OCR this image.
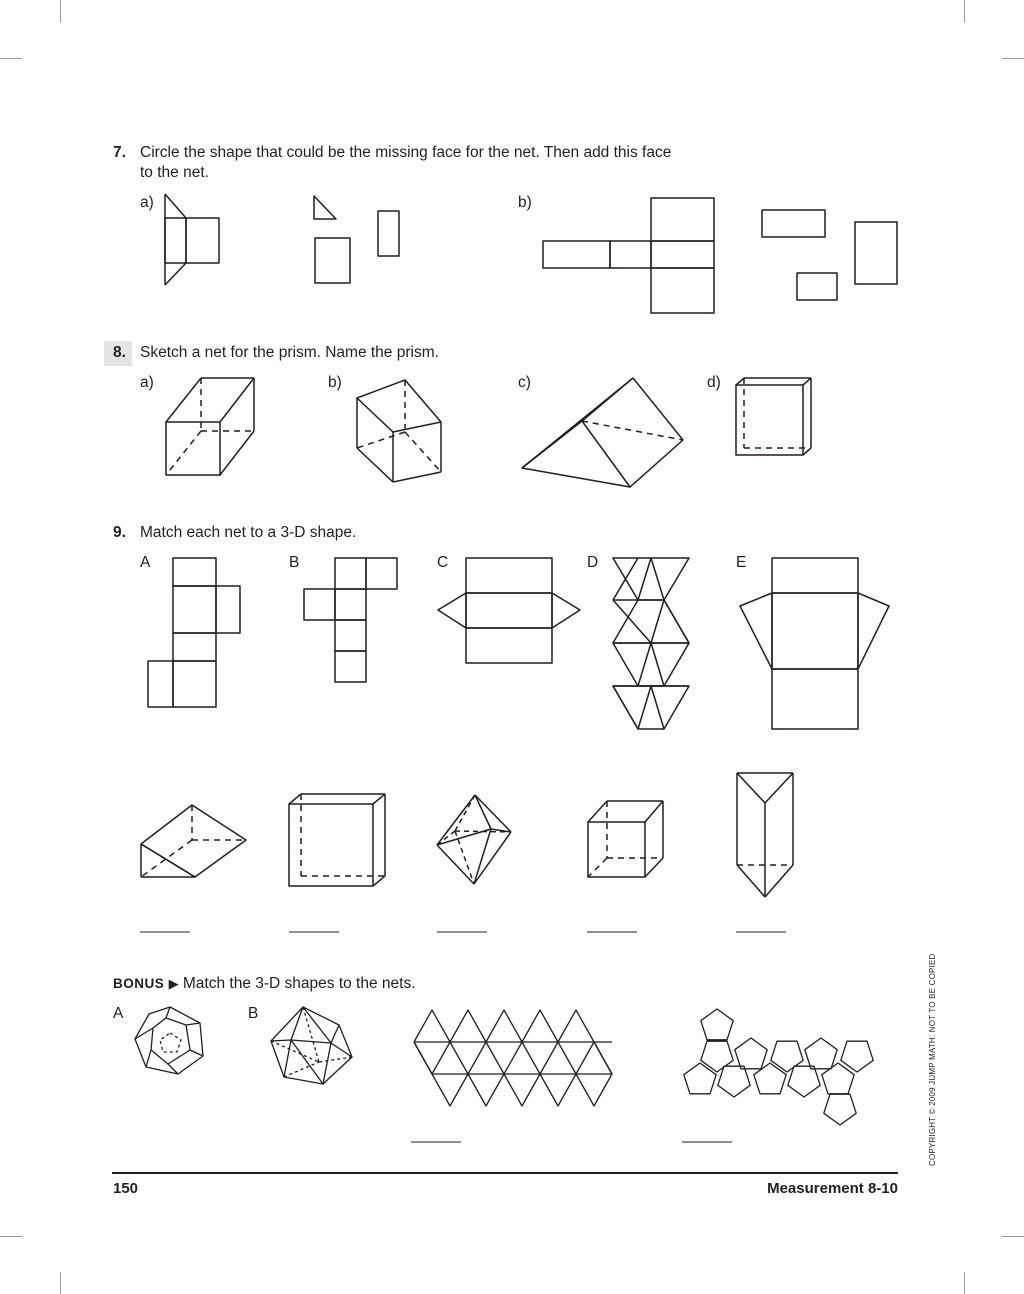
7. Circle the shape that could be the missing face for the net. Then add this face
to the net.
a)	b)
8. Sketch a net for the prism. Name the prism.
a)	b)	c)	d)
9. Match each net to a 3-D shape.
A	B	C	D	E
BONUS ▶ Match the 3-D shapes to the nets.
A	B
150	Measurement 8-10
COPYRIGHT © 2009 JUMP MATH: NOT TO BE COPIED
